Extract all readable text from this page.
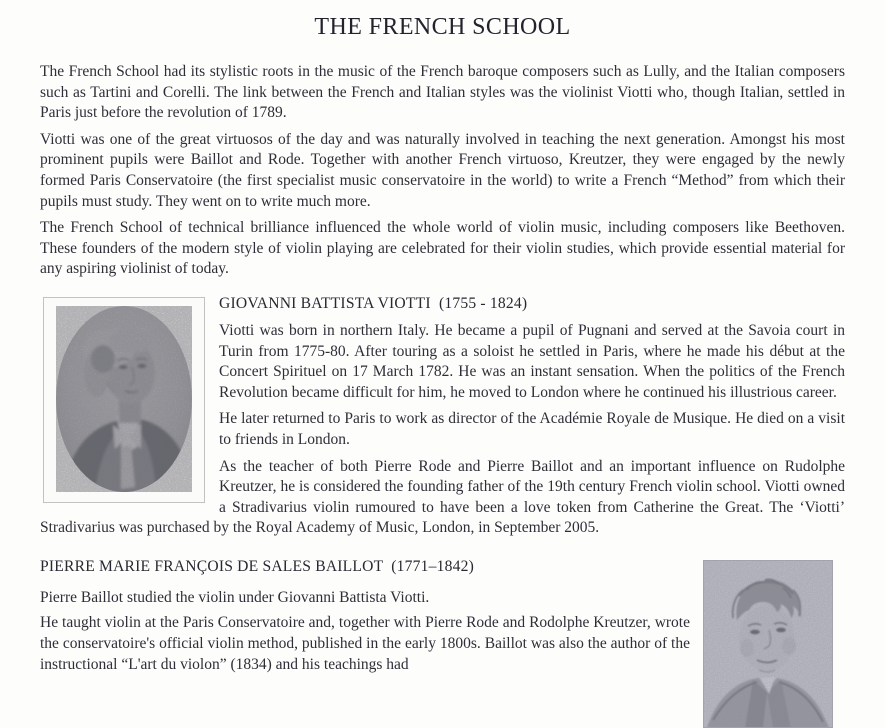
THE FRENCH SCHOOL

The French School had its stylistic roots in the music of the French baroque composers such as Lully, and the Italian composers such as Tartini and Corelli. The link between the French and Italian styles was the violinist Viotti who, though Italian, settled in Paris just before the revolution of 1789.

Viotti was one of the great virtuosos of the day and was naturally involved in teaching the next generation. Amongst his most prominent pupils were Baillot and Rode. Together with another French virtuoso, Kreutzer, they were engaged by the newly formed Paris Conservatoire (the first specialist music conservatoire in the world) to write a French “Method” from which their pupils must study. They went on to write much more.

The French School of technical brilliance influenced the whole world of violin music, including composers like Beethoven. These founders of the modern style of violin playing are celebrated for their violin studies, which provide essential material for any aspiring violinist of today.

GIOVANNI BATTISTA VIOTTI  (1755 - 1824)

Viotti was born in northern Italy. He became a pupil of Pugnani and served at the Savoia court in Turin from 1775-80. After touring as a soloist he settled in Paris, where he made his début at the Concert Spirituel on 17 March 1782. He was an instant sensation. When the politics of the French Revolution became difficult for him, he moved to London where he continued his illustrious career.

He later returned to Paris to work as director of the Académie Royale de Musique. He died on a visit to friends in London.

As the teacher of both Pierre Rode and Pierre Baillot and an important influence on Rudolphe Kreutzer, he is considered the founding father of the 19th century French violin school. Viotti owned a Stradivarius violin rumoured to have been a love token from Catherine the Great. The ‘Viotti’ Stradivarius was purchased by the Royal Academy of Music, London, in September 2005.

PIERRE MARIE FRANÇOIS DE SALES BAILLOT  (1771–1842)

Pierre Baillot studied the violin under Giovanni Battista Viotti.

He taught violin at the Paris Conservatoire and, together with Pierre Rode and Rodolphe Kreutzer, wrote the conservatoire's official violin method, published in the early 1800s. Baillot was also the author of the instructional “L'art du violon” (1834) and his teachings had
